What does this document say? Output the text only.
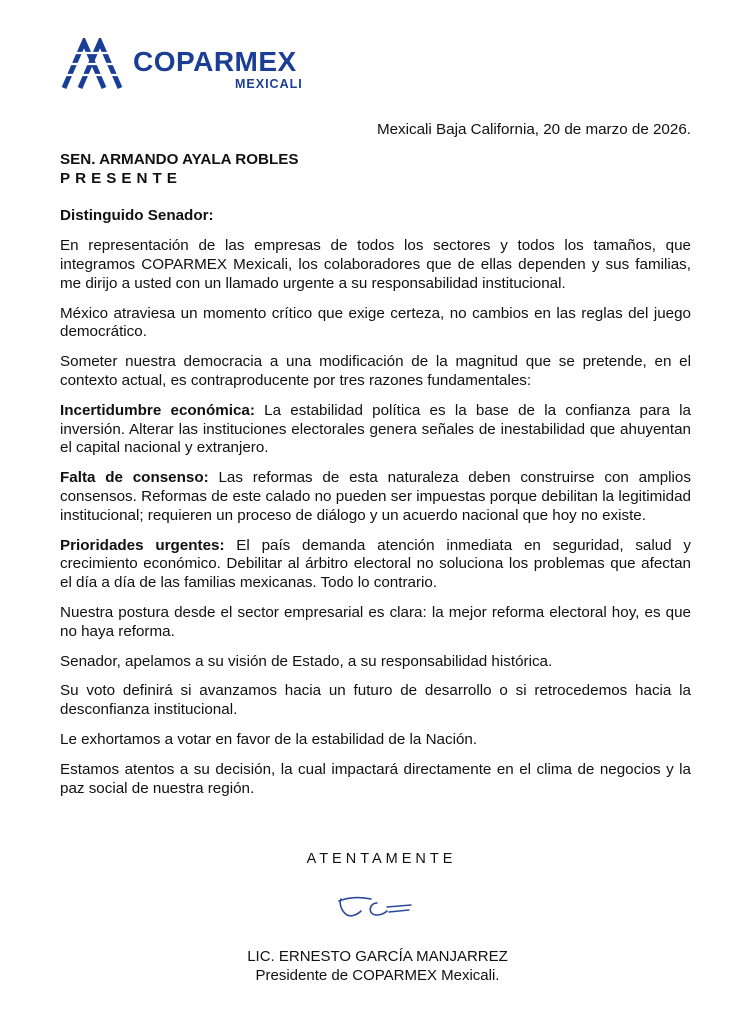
COPARMEX
MEXICALI

Mexicali Baja California, 20 de marzo de 2026.

SEN. ARMANDO AYALA ROBLES

PRESENTE

Distinguido Senador:

En representación de las empresas de todos los sectores y todos los tamaños, que integramos COPARMEX Mexicali, los colaboradores que de ellas dependen y sus familias, me dirijo a usted con un llamado urgente a su responsabilidad institucional.

México atraviesa un momento crítico que exige certeza, no cambios en las reglas del juego democrático.

Someter nuestra democracia a una modificación de la magnitud que se pretende, en el contexto actual, es contraproducente por tres razones fundamentales:

Incertidumbre económica: La estabilidad política es la base de la confianza para la inversión. Alterar las instituciones electorales genera señales de inestabilidad que ahuyentan el capital nacional y extranjero.

Falta de consenso: Las reformas de esta naturaleza deben construirse con amplios consensos. Reformas de este calado no pueden ser impuestas porque debilitan la legitimidad institucional; requieren un proceso de diálogo y un acuerdo nacional que hoy no existe.

Prioridades urgentes: El país demanda atención inmediata en seguridad, salud y crecimiento económico. Debilitar al árbitro electoral no soluciona los problemas que afectan el día a día de las familias mexicanas. Todo lo contrario.

Nuestra postura desde el sector empresarial es clara: la mejor reforma electoral hoy, es que no haya reforma.

Senador, apelamos a su visión de Estado, a su responsabilidad histórica.

Su voto definirá si avanzamos hacia un futuro de desarrollo o si retrocedemos hacia la desconfianza institucional.

Le exhortamos a votar en favor de la estabilidad de la Nación.

Estamos atentos a su decisión, la cual impactará directamente en el clima de negocios y la paz social de nuestra región.

ATENTAMENTE
LIC. ERNESTO GARCÍA MANJARREZ
Presidente de COPARMEX Mexicali.
